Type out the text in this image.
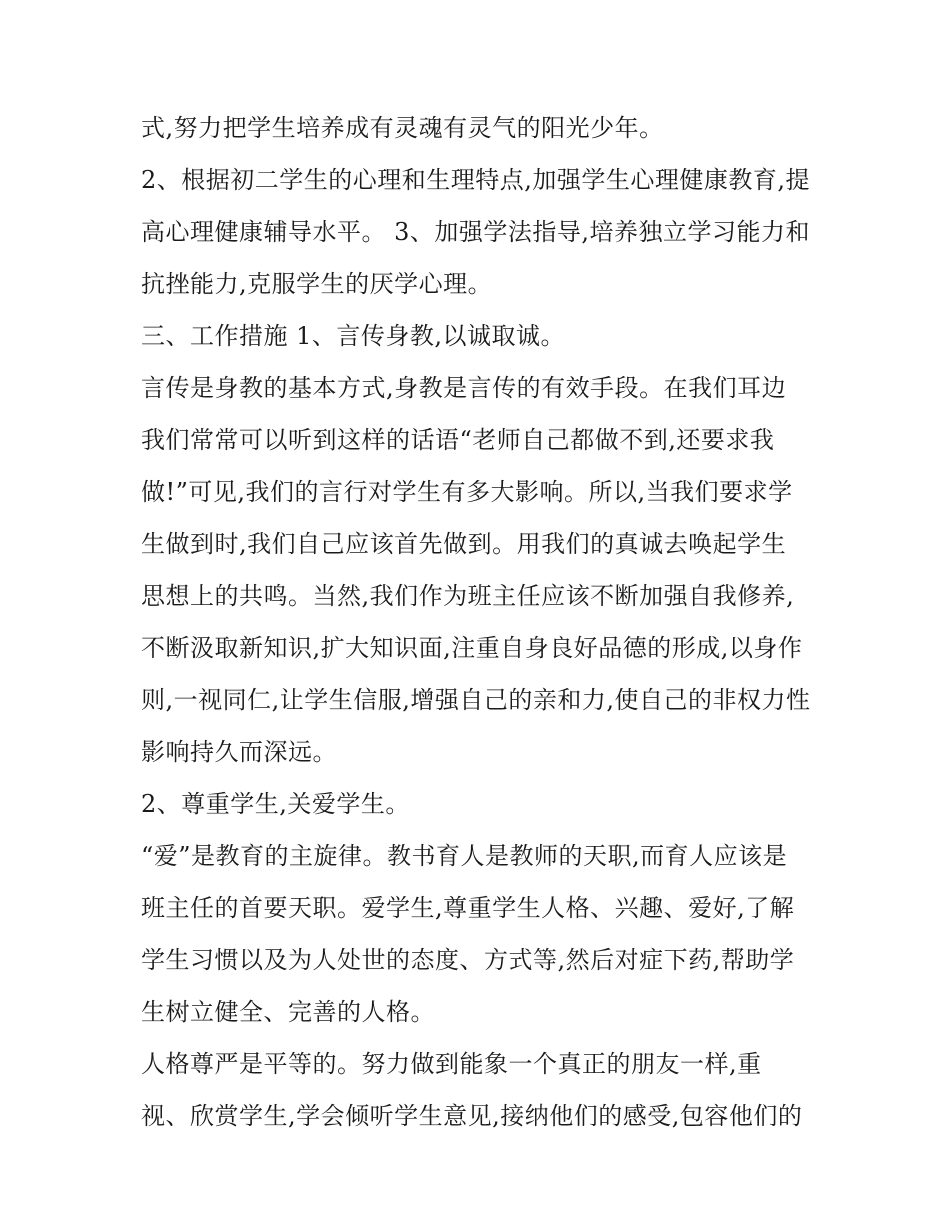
式,努力把学生培养成有灵魂有灵气的阳光少年。
2、根据初二学生的心理和生理特点,加强学生心理健康教育,提
高心理健康辅导水平。 3、加强学法指导,培养独立学习能力和
抗挫能力,克服学生的厌学心理。
三、工作措施 1、言传身教,以诚取诚。
言传是身教的基本方式,身教是言传的有效手段。在我们耳边
我们常常可以听到这样的话语“老师自己都做不到,还要求我
做!”可见,我们的言行对学生有多大影响。所以,当我们要求学
生做到时,我们自己应该首先做到。用我们的真诚去唤起学生
思想上的共鸣。当然,我们作为班主任应该不断加强自我修养,
不断汲取新知识,扩大知识面,注重自身良好品德的形成,以身作
则,一视同仁,让学生信服,增强自己的亲和力,使自己的非权力性
影响持久而深远。
2、尊重学生,关爱学生。
“爱”是教育的主旋律。教书育人是教师的天职,而育人应该是
班主任的首要天职。爱学生,尊重学生人格、兴趣、爱好,了解
学生习惯以及为人处世的态度、方式等,然后对症下药,帮助学
生树立健全、完善的人格。
人格尊严是平等的。努力做到能象一个真正的朋友一样,重
视、欣赏学生,学会倾听学生意见,接纳他们的感受,包容他们的
